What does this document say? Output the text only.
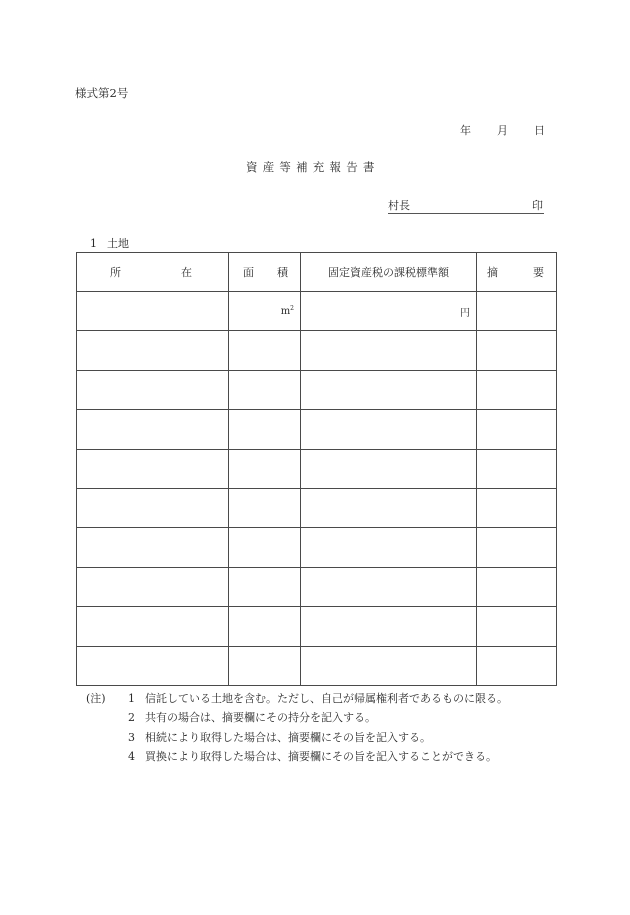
様式第2号
年 月 日
資産等補充報告書
村長	印
1 土地
所 在	面 積	固定資産税の課税標準額	摘 要

	$m^2$	円	

(注)	1 信託している土地を含む。ただし、自己が帰属権利者であるものに限る。
2 共有の場合は、摘要欄にその持分を記入する。
3 相続により取得した場合は、摘要欄にその旨を記入する。
4 買換により取得した場合は、摘要欄にその旨を記入することができる。
